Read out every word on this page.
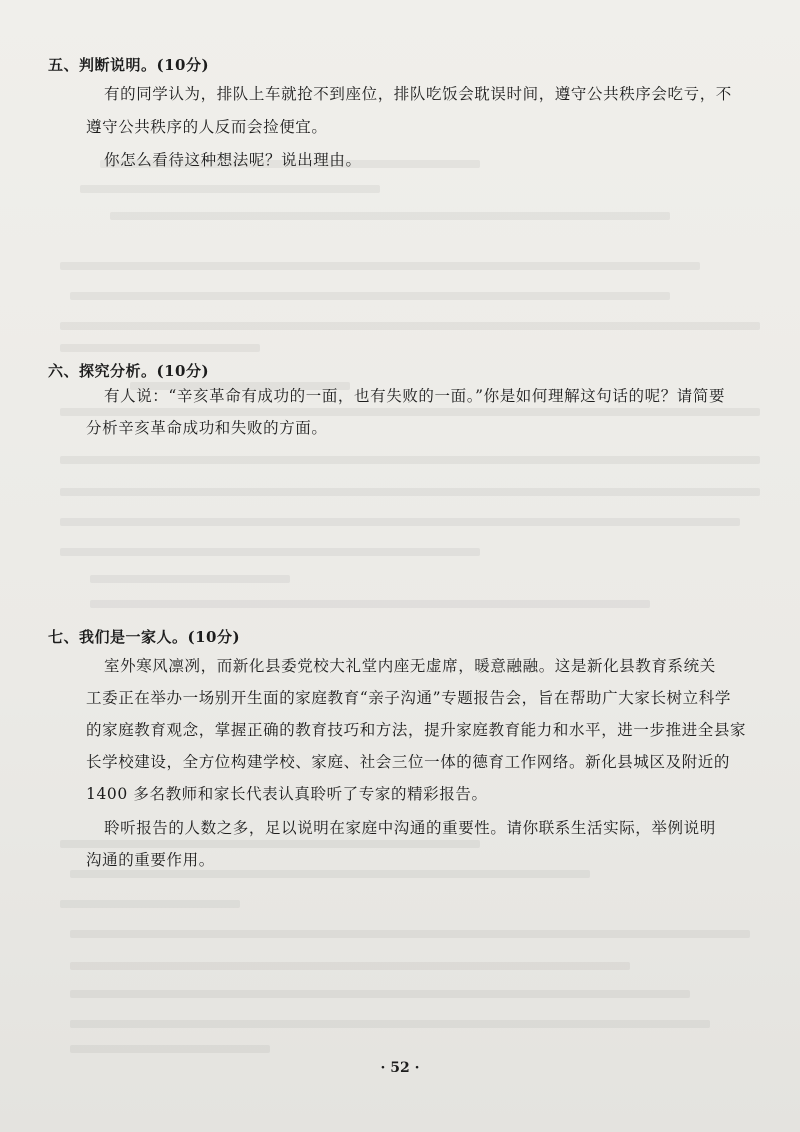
五、判断说明。(10分)
有的同学认为，排队上车就抢不到座位，排队吃饭会耽误时间，遵守公共秩序会吃亏，不
遵守公共秩序的人反而会捡便宜。
你怎么看待这种想法呢？说出理由。
六、探究分析。(10分)
有人说：“辛亥革命有成功的一面，也有失败的一面。”你是如何理解这句话的呢？请简要
分析辛亥革命成功和失败的方面。
七、我们是一家人。(10分)
室外寒风凛冽，而新化县委党校大礼堂内座无虚席，暖意融融。这是新化县教育系统关
工委正在举办一场别开生面的家庭教育“亲子沟通”专题报告会，旨在帮助广大家长树立科学
的家庭教育观念，掌握正确的教育技巧和方法，提升家庭教育能力和水平，进一步推进全县家
长学校建设，全方位构建学校、家庭、社会三位一体的德育工作网络。新化县城区及附近的
1400 多名教师和家长代表认真聆听了专家的精彩报告。
聆听报告的人数之多，足以说明在家庭中沟通的重要性。请你联系生活实际，举例说明
沟通的重要作用。
· 52 ·
